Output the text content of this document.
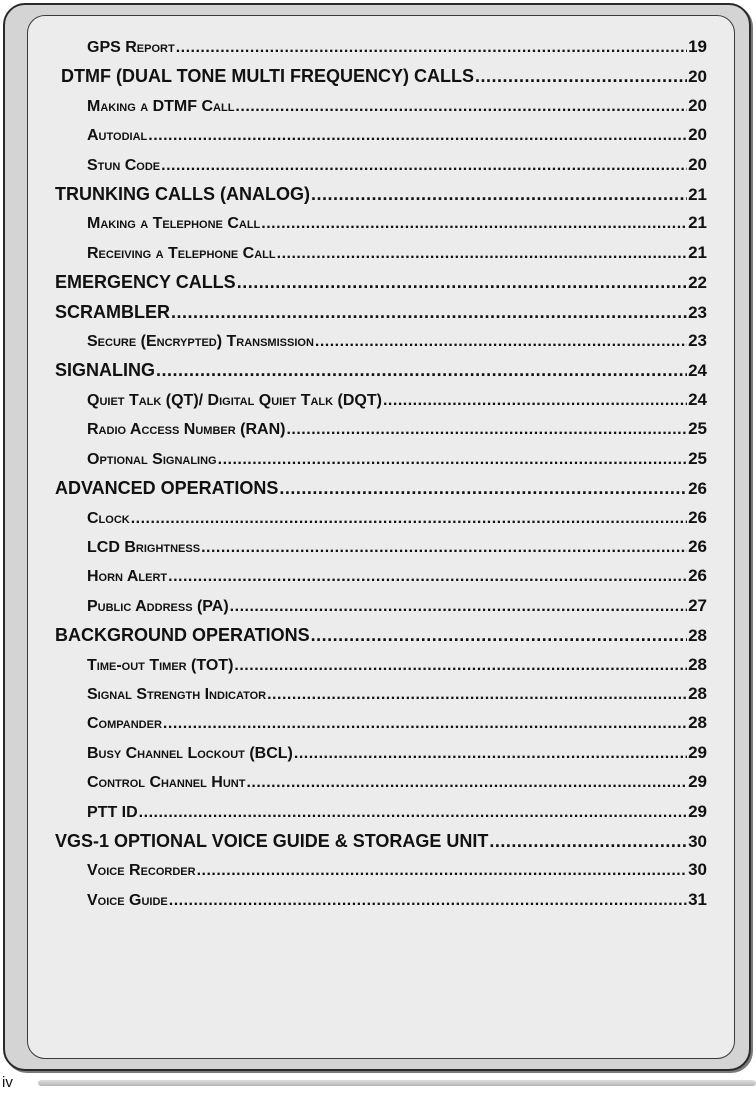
GPS Report .....	19
DTMF (DUAL TONE MULTI FREQUENCY) CALLS .....	20
Making a DTMF Call .....	20
Autodial .....	20
Stun Code .....	20
TRUNKING CALLS (ANALOG) .....	21
Making a Telephone Call .....	21
Receiving a Telephone Call .....	21
EMERGENCY CALLS .....	22
SCRAMBLER .....	23
Secure (Encrypted) Transmission .....	23
SIGNALING .....	24
Quiet Talk (QT)/ Digital Quiet Talk (DQT) .....	24
Radio Access Number (RAN) .....	25
Optional Signaling .....	25
ADVANCED OPERATIONS .....	26
Clock .....	26
LCD Brightness .....	26
Horn Alert .....	26
Public Address (PA) .....	27
BACKGROUND OPERATIONS .....	28
Time-out Timer (TOT) .....	28
Signal Strength Indicator .....	28
Compander .....	28
Busy Channel Lockout (BCL) .....	29
Control Channel Hunt .....	29
PTT ID .....	29
VGS-1 OPTIONAL VOICE GUIDE & STORAGE UNIT .....	30
Voice Recorder .....	30
Voice Guide .....	31
iv
